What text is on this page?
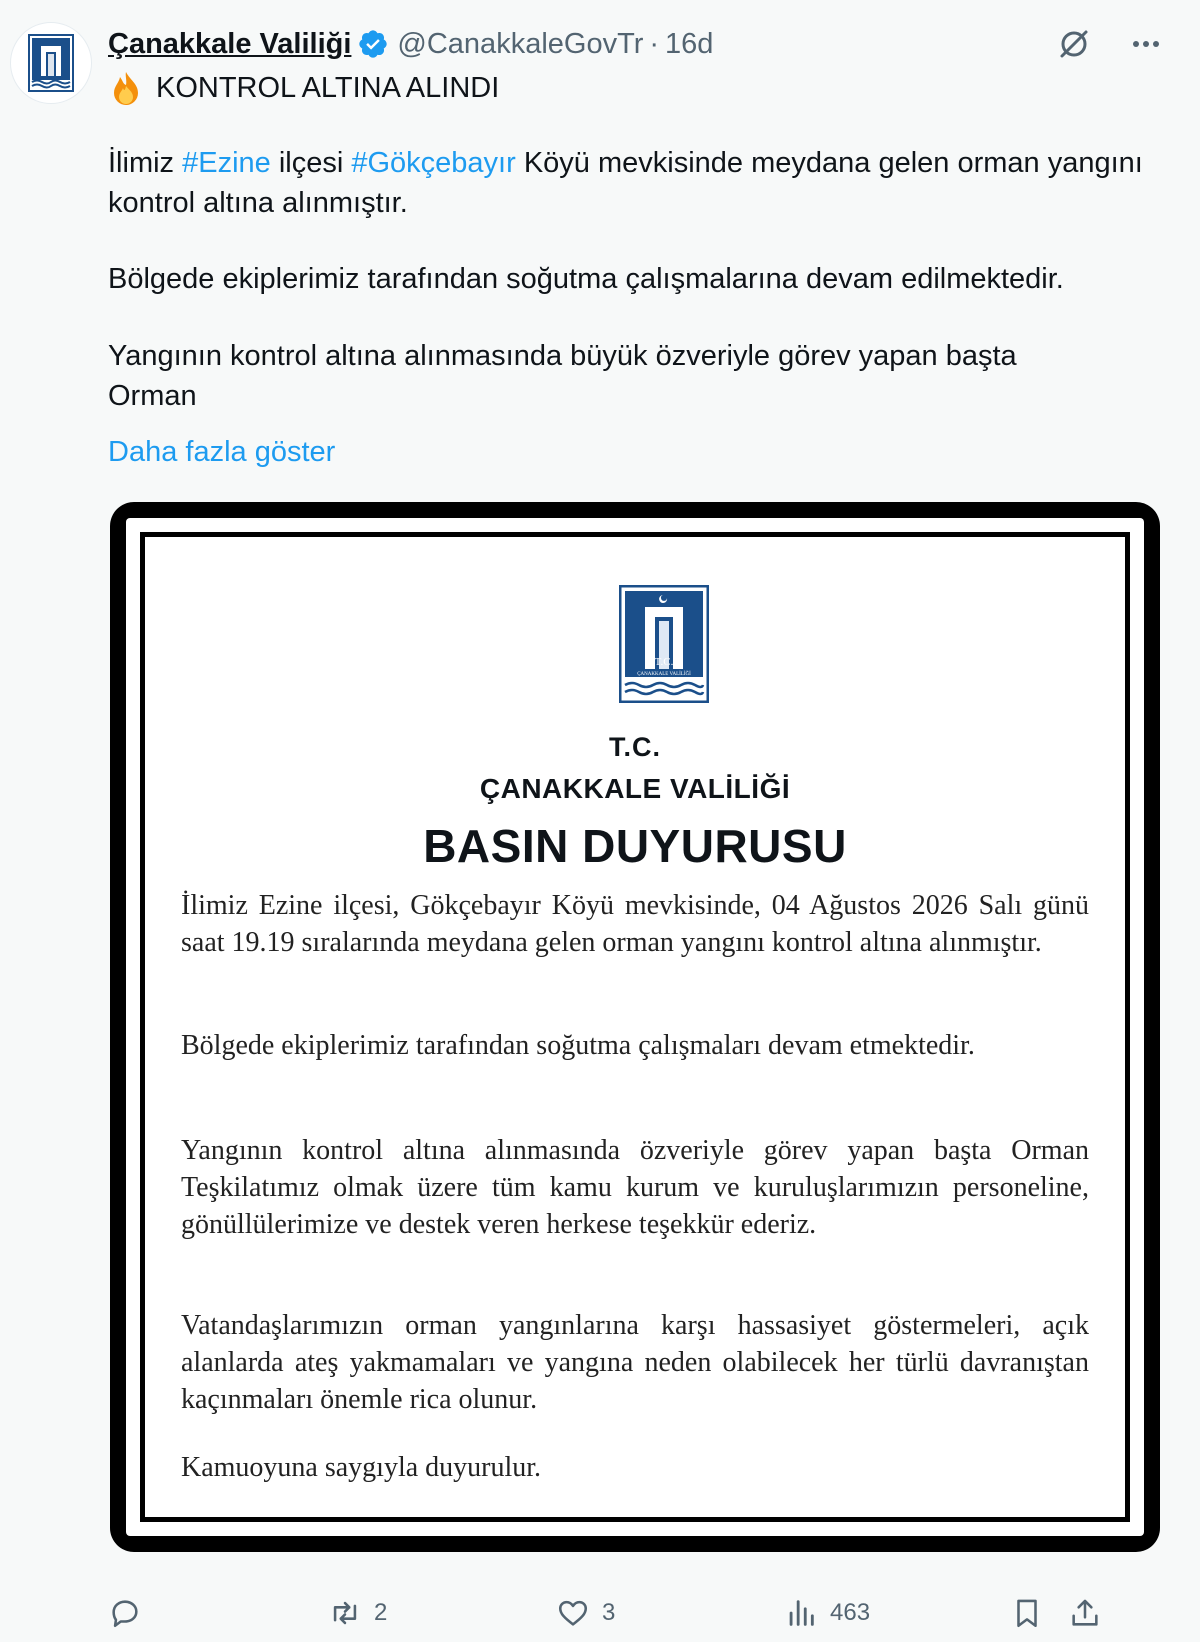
Çanakkale Valiliği @CanakkaleGovTr · 16d
KONTROL ALTINA ALINDI

İlimiz #Ezine ilçesi #Gökçebayır Köyü mevkisinde meydana gelen orman yangını kontrol altına alınmıştır.

Bölgede ekiplerimiz tarafından soğutma çalışmalarına devam edilmektedir.

Yangının kontrol altına alınmasında büyük özveriyle görev yapan başta Orman

Daha fazla göster
T.C.
ÇANAKKALE VALİLİĞİ
T.C.
ÇANAKKALE VALİLİĞİ
BASIN DUYURUSU

İlimiz Ezine ilçesi, Gökçebayır Köyü mevkisinde, 04 Ağustos 2026 Salı günü saat 19.19 sıralarında meydana gelen orman yangını kontrol altına alınmıştır.

Bölgede ekiplerimiz tarafından soğutma çalışmaları devam etmektedir.

Yangının kontrol altına alınmasında özveriyle görev yapan başta Orman Teşkilatımız olmak üzere tüm kamu kurum ve kuruluşlarımızın personeline, gönüllülerimize ve destek veren herkese teşekkür ederiz.

Vatandaşlarımızın orman yangınlarına karşı hassasiyet göstermeleri, açık alanlarda ateş yakmamaları ve yangına neden olabilecek her türlü davranıştan kaçınmaları önemle rica olunur.

Kamuoyuna saygıyla duyurulur.

2	3	463
